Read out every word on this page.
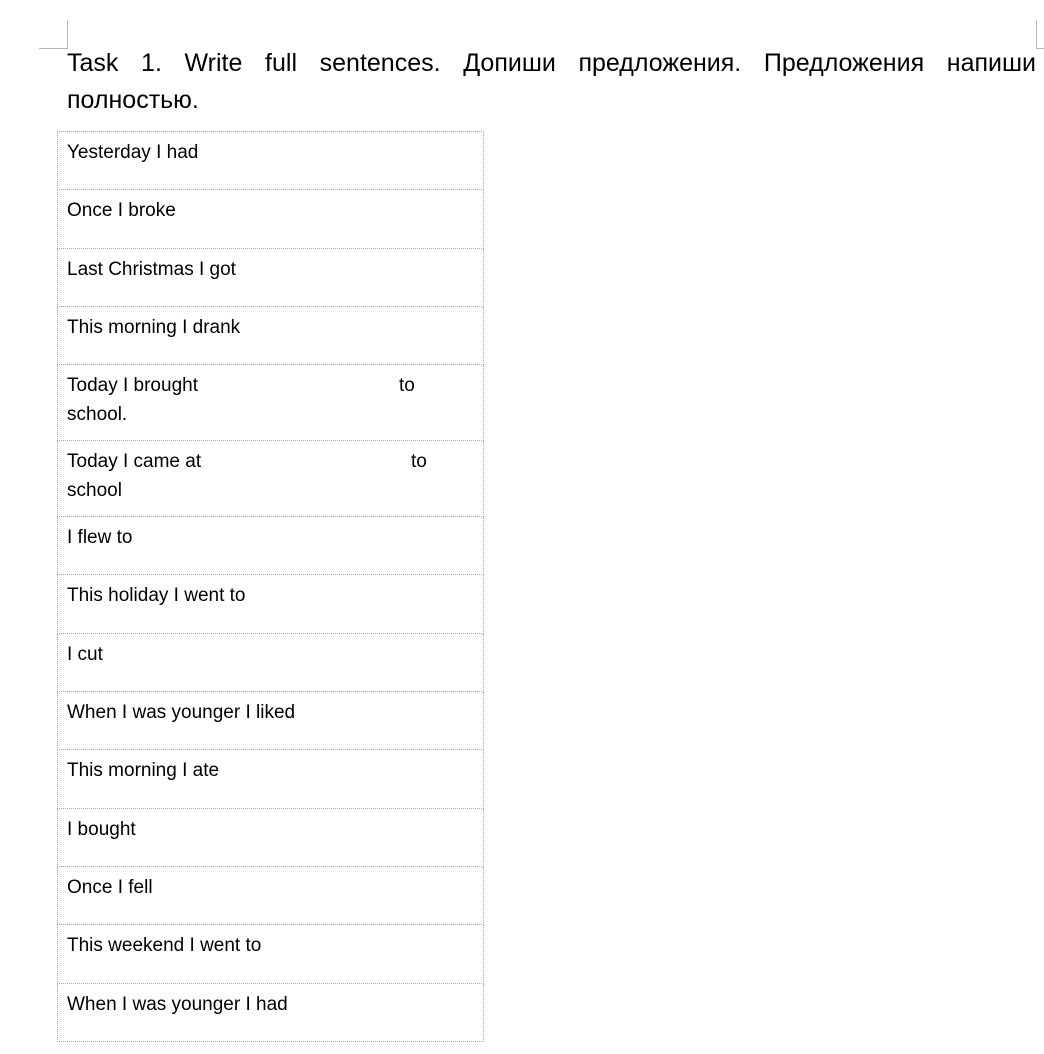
Task 1. Write full sentences. Допиши предложения. Предложения напиши полностью.

Yesterday I had
Once I broke
Last Christmas I got
This morning I drank

Today I brought	to
school.

Today I came at	to
school

I flew to
This holiday I went to
I cut
When I was younger I liked
This morning I ate
I bought
Once I fell
This weekend I went to
When I was younger I had
